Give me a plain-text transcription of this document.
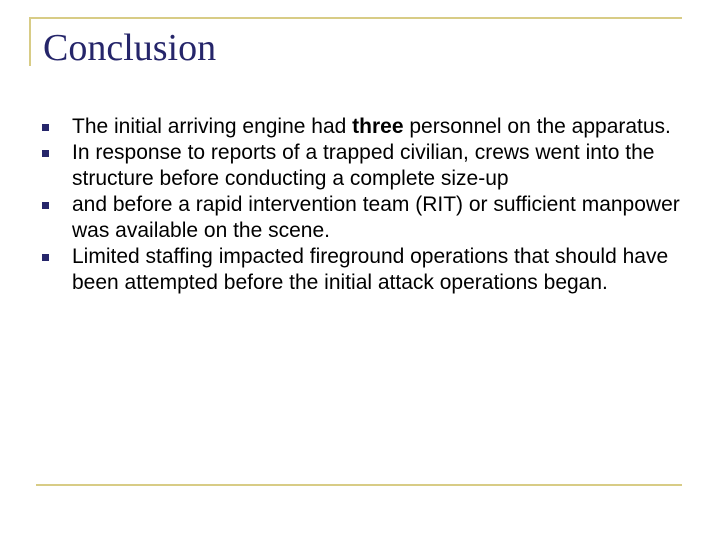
Conclusion
The initial arriving engine had three personnel on the apparatus.
In response to reports of a trapped civilian, crews went into the structure before conducting a complete size-up
and before a rapid intervention team (RIT) or sufficient manpower was available on the scene.
Limited staffing impacted fireground operations that should have been attempted before the initial attack operations began.
